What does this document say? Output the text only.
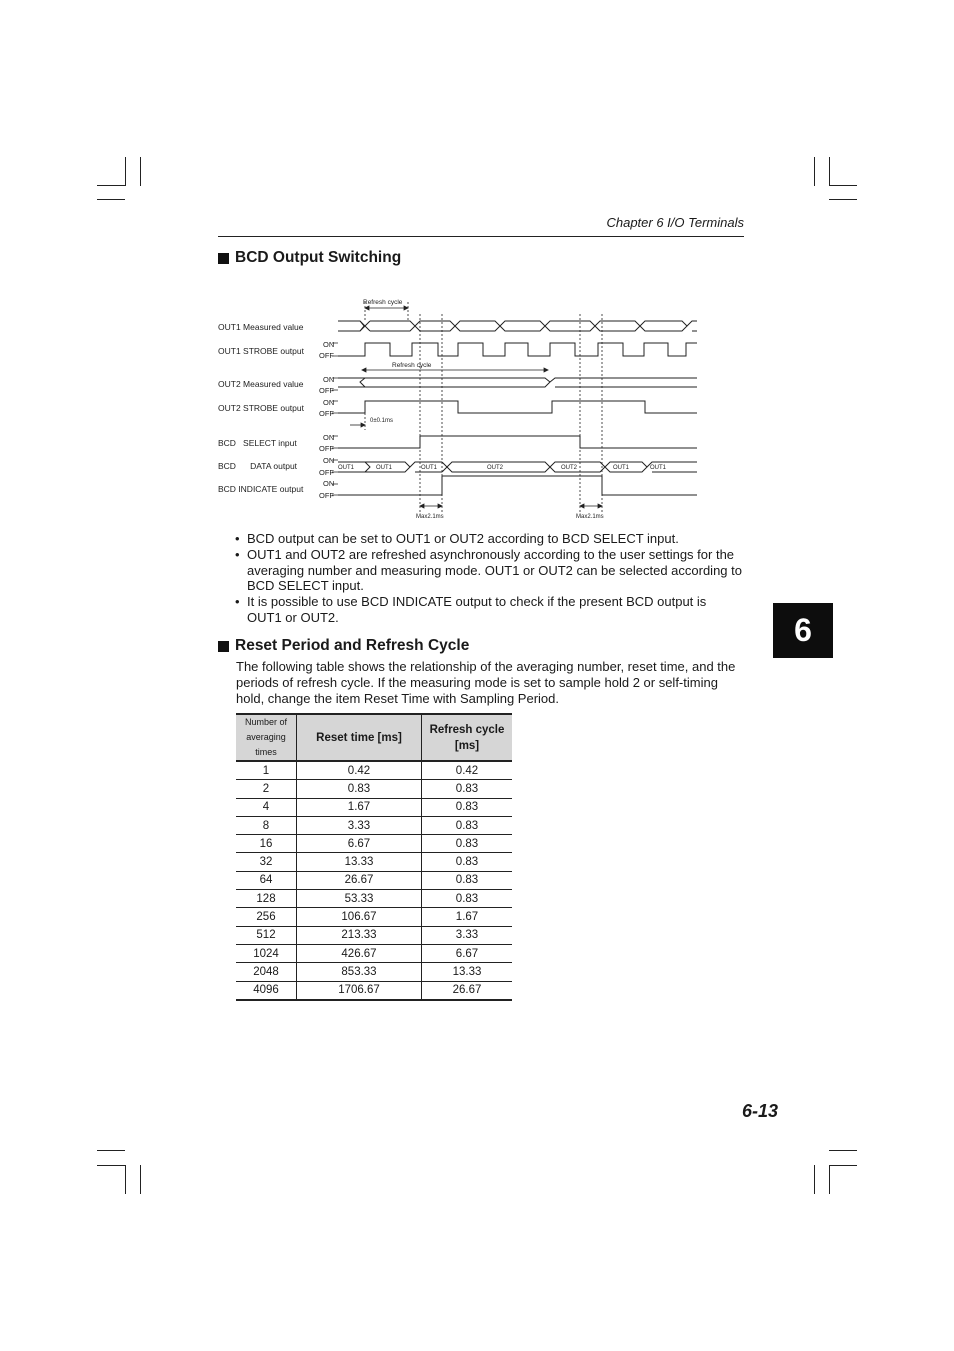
Chapter 6 I/O Terminals
BCD Output Switching
OUT1 Measured value
OUT1 STROBE output
OUT2 Measured value
OUT2 STROBE output
BCD   SELECT input
BCD      DATA output
BCD INDICATE output
ON
OFF
ON
OFF
ON
OFF
ON
OFF
ON
OFF
ON
OFF
Refresh cycle
Refresh cycle
0±0.1ms
Max2.1ms	Max2.1ms
OUT1	OUT1	OUT1	OUT2	OUT2	OUT1	OUT1
• BCD output can be set to OUT1 or OUT2 according to BCD SELECT input.
• OUT1 and OUT2 are refreshed asynchronously according to the user settings for the averaging number and measuring mode. OUT1 or OUT2 can be selected according to BCD SELECT input.
• It is possible to use BCD INDICATE output to check if the present BCD output is OUT1 or OUT2.
Reset Period and Refresh Cycle
The following table shows the relationship of the averaging number, reset time, and the periods of refresh cycle. If the measuring mode is set to sample hold 2 or self-timing hold, change the item Reset Time with Sampling Period.
Number of
averaging times	Reset time [ms]	Refresh cycle
[ms]
1	0.42	0.42
2	0.83	0.83
4	1.67	0.83
8	3.33	0.83
16	6.67	0.83
32	13.33	0.83
64	26.67	0.83
128	53.33	0.83
256	106.67	1.67
512	213.33	3.33
1024	426.67	6.67
2048	853.33	13.33
4096	1706.67	26.67
6
6-13
